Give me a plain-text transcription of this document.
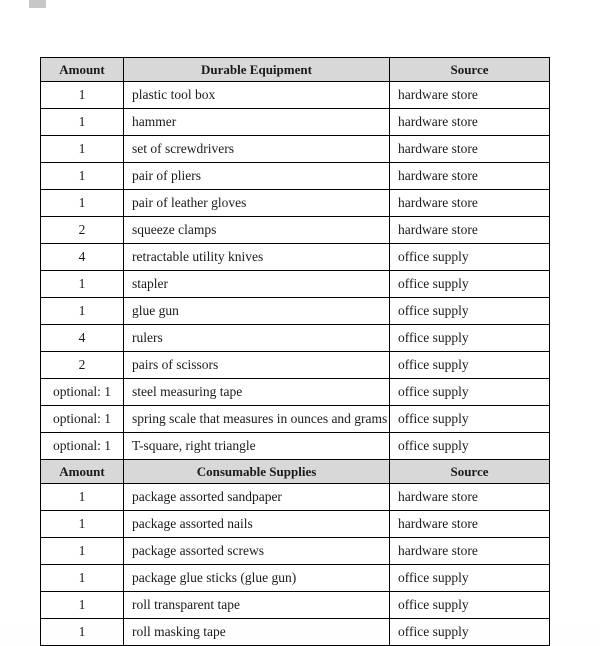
Amount	Durable Equipment	Source
1	plastic tool box	hardware store
1	hammer	hardware store
1	set of screwdrivers	hardware store
1	pair of pliers	hardware store
1	pair of leather gloves	hardware store
2	squeeze clamps	hardware store
4	retractable utility knives	office supply
1	stapler	office supply
1	glue gun	office supply
4	rulers	office supply
2	pairs of scissors	office supply
optional: 1	steel measuring tape	office supply
optional: 1	spring scale that measures in ounces and grams	office supply
optional: 1	T-square, right triangle	office supply
Amount	Consumable Supplies	Source
1	package assorted sandpaper	hardware store
1	package assorted nails	hardware store
1	package assorted screws	hardware store
1	package glue sticks (glue gun)	office supply
1	roll transparent tape	office supply
1	roll masking tape	office supply
